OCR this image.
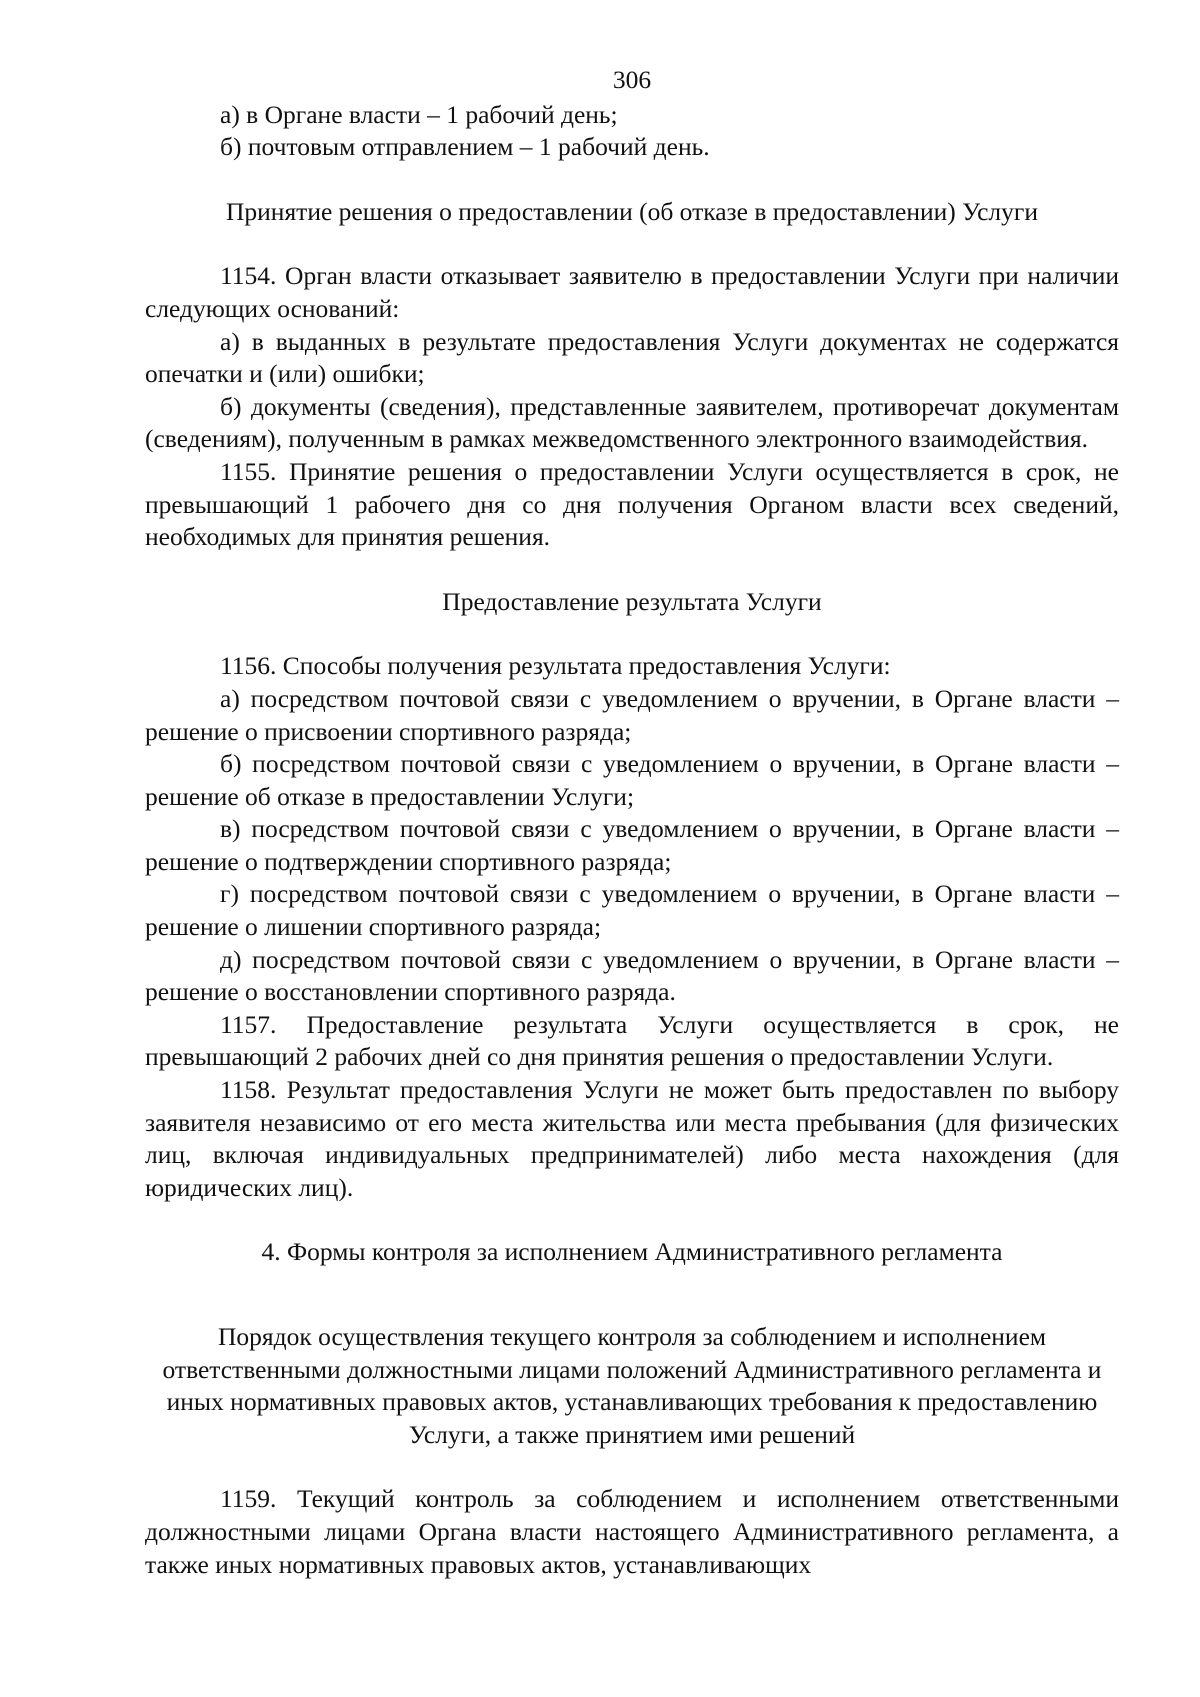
306

а) в Органе власти – 1 рабочий день;

б) почтовым отправлением – 1 рабочий день.

Принятие решения о предоставлении (об отказе в предоставлении) Услуги

1154. Орган власти отказывает заявителю в предоставлении Услуги при наличии следующих оснований:

а) в выданных в результате предоставления Услуги документах не содержатся опечатки и (или) ошибки;

б) документы (сведения), представленные заявителем, противоречат документам (сведениям), полученным в рамках межведомственного электронного взаимодействия.

1155. Принятие решения о предоставлении Услуги осуществляется в срок, не превышающий 1 рабочего дня со дня получения Органом власти всех сведений, необходимых для принятия решения.

Предоставление результата Услуги

1156. Способы получения результата предоставления Услуги:

а) посредством почтовой связи с уведомлением о вручении, в Органе власти – решение о присвоении спортивного разряда;

б) посредством почтовой связи с уведомлением о вручении, в Органе власти – решение об отказе в предоставлении Услуги;

в) посредством почтовой связи с уведомлением о вручении, в Органе власти – решение о подтверждении спортивного разряда;

г) посредством почтовой связи с уведомлением о вручении, в Органе власти – решение о лишении спортивного разряда;

д) посредством почтовой связи с уведомлением о вручении, в Органе власти – решение о восстановлении спортивного разряда.

1157. Предоставление результата Услуги осуществляется в срок, не превышающий 2 рабочих дней со дня принятия решения о предоставлении Услуги.

1158. Результат предоставления Услуги не может быть предоставлен по выбору заявителя независимо от его места жительства или места пребывания (для физических лиц, включая индивидуальных предпринимателей) либо места нахождения (для юридических лиц).

4. Формы контроля за исполнением Административного регламента

Порядок осуществления текущего контроля за соблюдением и исполнением ответственными должностными лицами положений Административного регламента и иных нормативных правовых актов, устанавливающих требования к предоставлению Услуги, а также принятием ими решений

1159. Текущий контроль за соблюдением и исполнением ответственными должностными лицами Органа власти настоящего Административного регламента, а также иных нормативных правовых актов, устанавливающих
